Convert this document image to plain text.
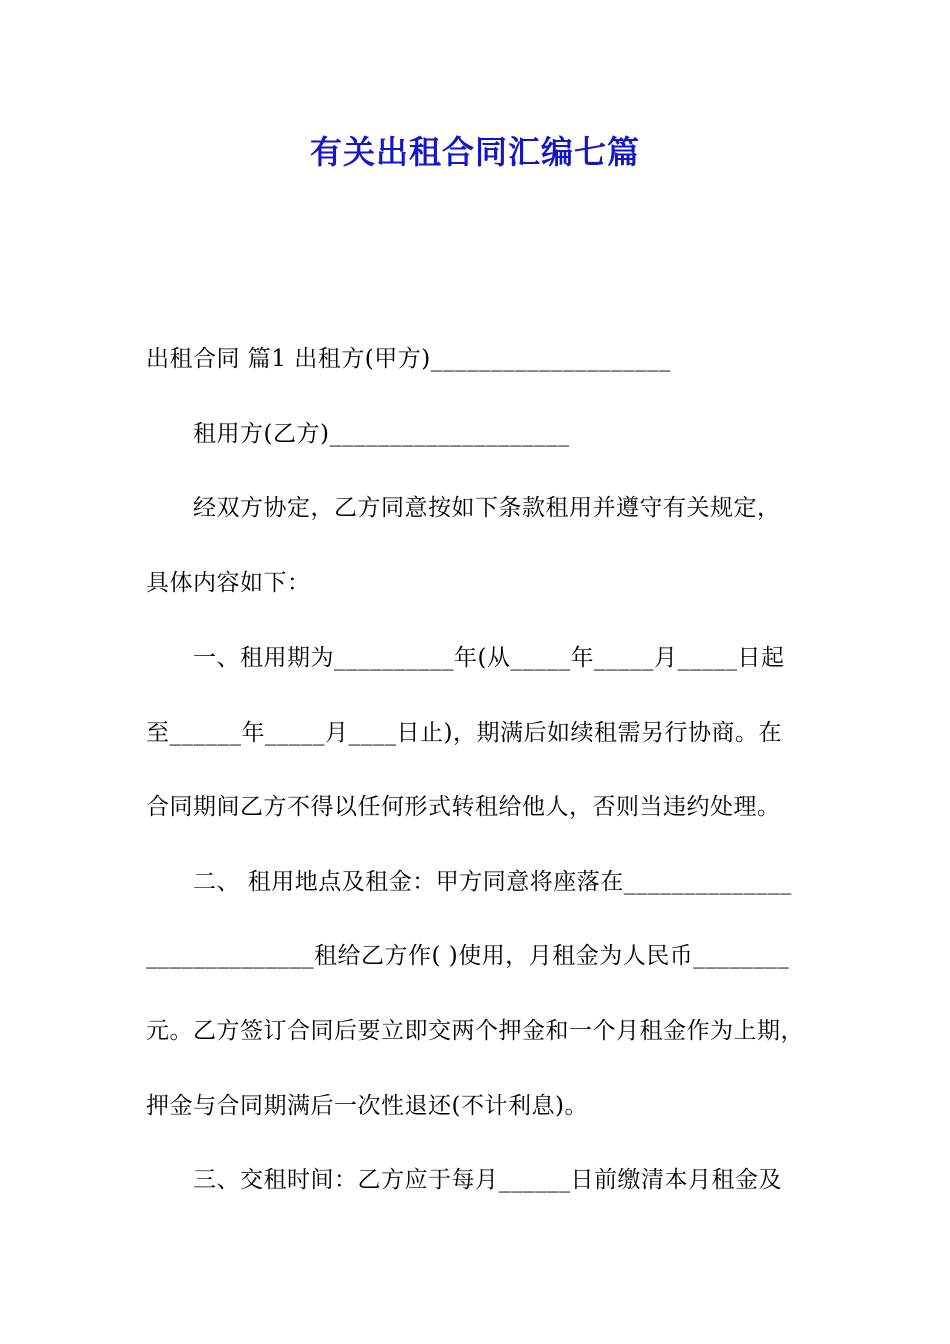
有关出租合同汇编七篇
出租合同 篇1 出租方(甲方)____________________
租用方(乙方)____________________
经双方协定，乙方同意按如下条款租用并遵守有关规定，
具体内容如下：
一、租用期为__________年(从_____年_____月_____日起
至______年_____月____日止)，期满后如续租需另行协商。在
合同期间乙方不得以任何形式转租给他人，否则当违约处理。
二、 租用地点及租金：甲方同意将座落在______________
______________租给乙方作( )使用，月租金为人民币________
元。乙方签订合同后要立即交两个押金和一个月租金作为上期，
押金与合同期满后一次性退还(不计利息)。
三、交租时间：乙方应于每月______日前缴清本月租金及
